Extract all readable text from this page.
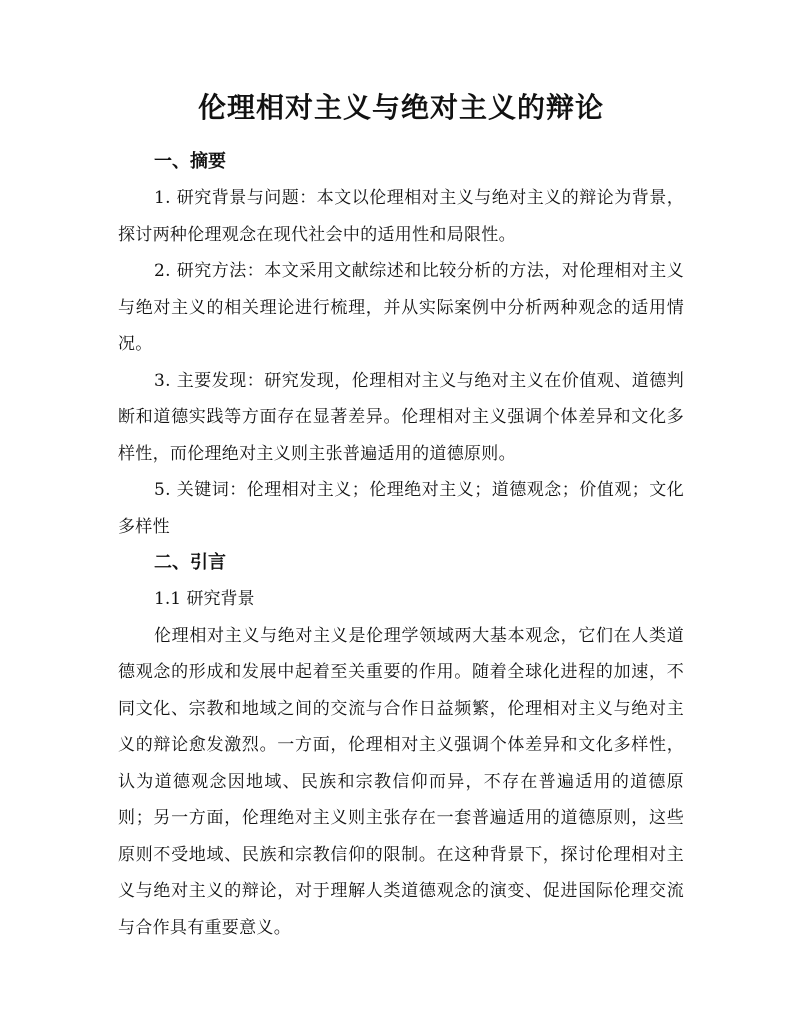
伦理相对主义与绝对主义的辩论

一、摘要

1. 研究背景与问题：本文以伦理相对主义与绝对主义的辩论为背景，探讨两种伦理观念在现代社会中的适用性和局限性。

2. 研究方法：本文采用文献综述和比较分析的方法，对伦理相对主义与绝对主义的相关理论进行梳理，并从实际案例中分析两种观念的适用情况。

3. 主要发现：研究发现，伦理相对主义与绝对主义在价值观、道德判断和道德实践等方面存在显著差异。伦理相对主义强调个体差异和文化多样性，而伦理绝对主义则主张普遍适用的道德原则。

5. 关键词：伦理相对主义；伦理绝对主义；道德观念；价值观；文化多样性

二、引言

1.1 研究背景

伦理相对主义与绝对主义是伦理学领域两大基本观念，它们在人类道德观念的形成和发展中起着至关重要的作用。随着全球化进程的加速，不同文化、宗教和地域之间的交流与合作日益频繁，伦理相对主义与绝对主义的辩论愈发激烈。一方面，伦理相对主义强调个体差异和文化多样性，认为道德观念因地域、民族和宗教信仰而异，不存在普遍适用的道德原则；另一方面，伦理绝对主义则主张存在一套普遍适用的道德原则，这些原则不受地域、民族和宗教信仰的限制。在这种背景下，探讨伦理相对主义与绝对主义的辩论，对于理解人类道德观念的演变、促进国际伦理交流与合作具有重要意义。
